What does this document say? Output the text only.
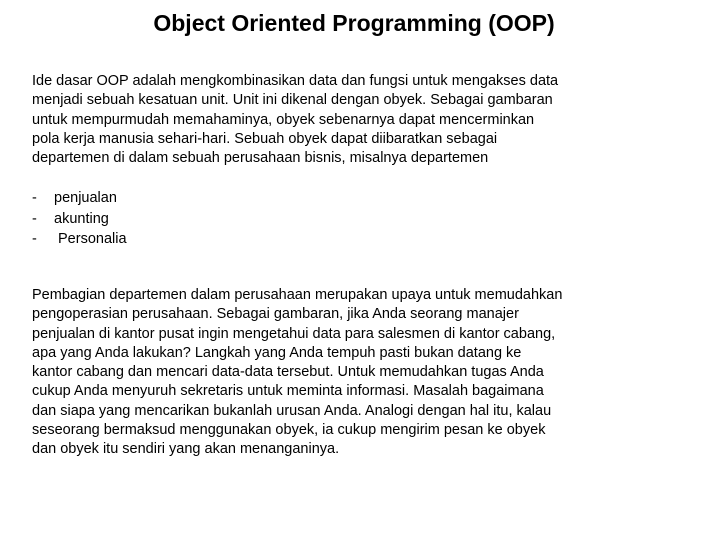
Object Oriented Programming (OOP)

Ide dasar OOP adalah mengkombinasikan data dan fungsi untuk mengakses data
menjadi sebuah kesatuan unit. Unit ini dikenal dengan obyek. Sebagai gambaran
untuk mempurmudah memahaminya, obyek sebenarnya dapat mencerminkan
pola kerja manusia sehari-hari. Sebuah obyek dapat diibaratkan sebagai
departemen di dalam sebuah perusahaan bisnis, misalnya departemen

- penjualan
- akunting
- Personalia

Pembagian departemen dalam perusahaan merupakan upaya untuk memudahkan
pengoperasian perusahaan. Sebagai gambaran, jika Anda seorang manajer
penjualan di kantor pusat ingin mengetahui data para salesmen di kantor cabang,
apa yang Anda lakukan? Langkah yang Anda tempuh pasti bukan datang ke
kantor cabang dan mencari data-data tersebut. Untuk memudahkan tugas Anda
cukup Anda menyuruh sekretaris untuk meminta informasi. Masalah bagaimana
dan siapa yang mencarikan bukanlah urusan Anda. Analogi dengan hal itu, kalau
seseorang bermaksud menggunakan obyek, ia cukup mengirim pesan ke obyek
dan obyek itu sendiri yang akan menanganinya.
